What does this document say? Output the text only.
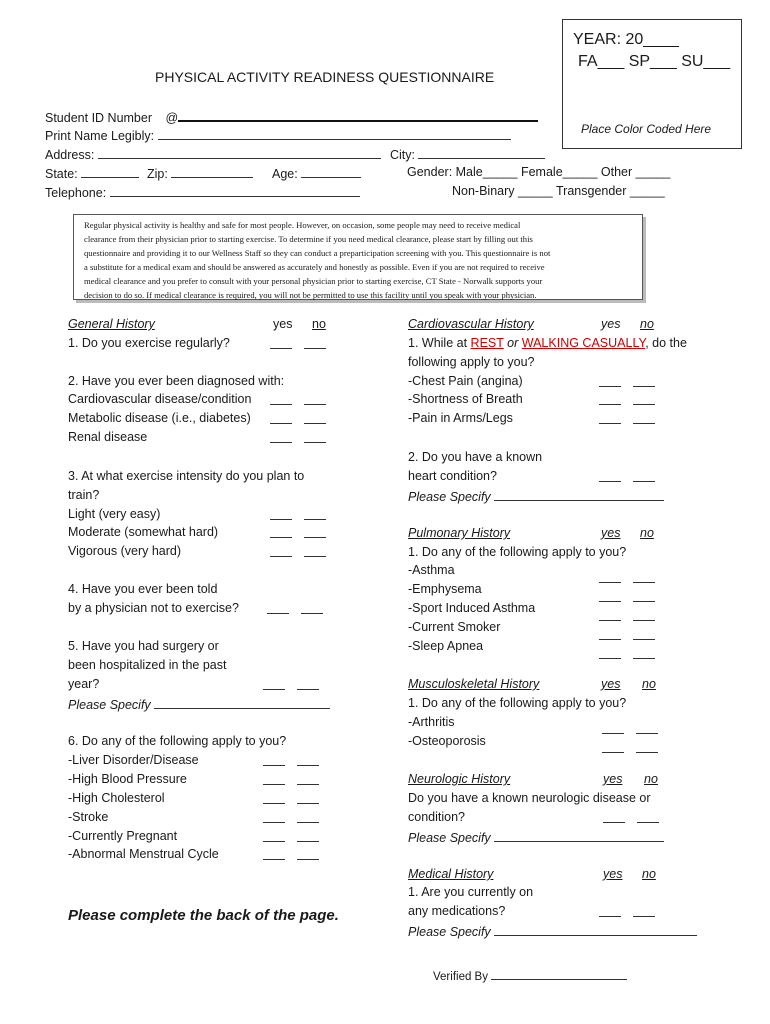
PHYSICAL ACTIVITY READINESS QUESTIONNAIRE
YEAR: 20____
FA___ SP___ SU___
Place Color Coded Here
Student ID Number @
Print Name Legibly:
Address:	City:
State:	Zip:	Age:	Gender: Male_____ Female_____ Other _____
Non-Binary _____ Transgender _____
Telephone:

Regular physical activity is healthy and safe for most people. However, on occasion, some people may need to receive medical

clearance from their physician prior to starting exercise. To determine if you need medical clearance, please start by filling out this

questionnaire and providing it to our Wellness Staff so they can conduct a preparticipation screening with you. This questionnaire is not

a substitute for a medical exam and should be answered as accurately and honestly as possible. Even if you are not required to receive

medical clearance and you prefer to consult with your personal physician prior to starting exercise, CT State - Norwalk supports your

decision to do so. If medical clearance is required, you will not be permitted to use this facility until you speak with your physician.

General History	yes no
1. Do you exercise regularly?
2. Have you ever been diagnosed with:
Cardiovascular disease/condition
Metabolic disease (i.e., diabetes)
Renal disease
3. At what exercise intensity do you plan to
train?
Light (very easy)
Moderate (somewhat hard)
Vigorous (very hard)
4. Have you ever been told
by a physician not to exercise?
5. Have you had surgery or
been hospitalized in the past
year?
Please Specify
6. Do any of the following apply to you?
-Liver Disorder/Disease
-High Blood Pressure
-High Cholesterol
-Stroke
-Currently Pregnant
-Abnormal Menstrual Cycle
Please complete the back of the page.
Cardiovascular History	yes no
1. While at REST or WALKING CASUALLY, do the
following apply to you?
-Chest Pain (angina)
-Shortness of Breath
-Pain in Arms/Legs
2. Do you have a known
heart condition?
Please Specify
Pulmonary History	yes no
1. Do any of the following apply to you?
-Asthma
-Emphysema
-Sport Induced Asthma
-Current Smoker
-Sleep Apnea
Musculoskeletal History	yes no
1. Do any of the following apply to you?
-Arthritis
-Osteoporosis
Neurologic History	yes no
Do you have a known neurologic disease or
condition?
Please Specify
Medical History	yes no
1. Are you currently on
any medications?
Please Specify
Verified By
